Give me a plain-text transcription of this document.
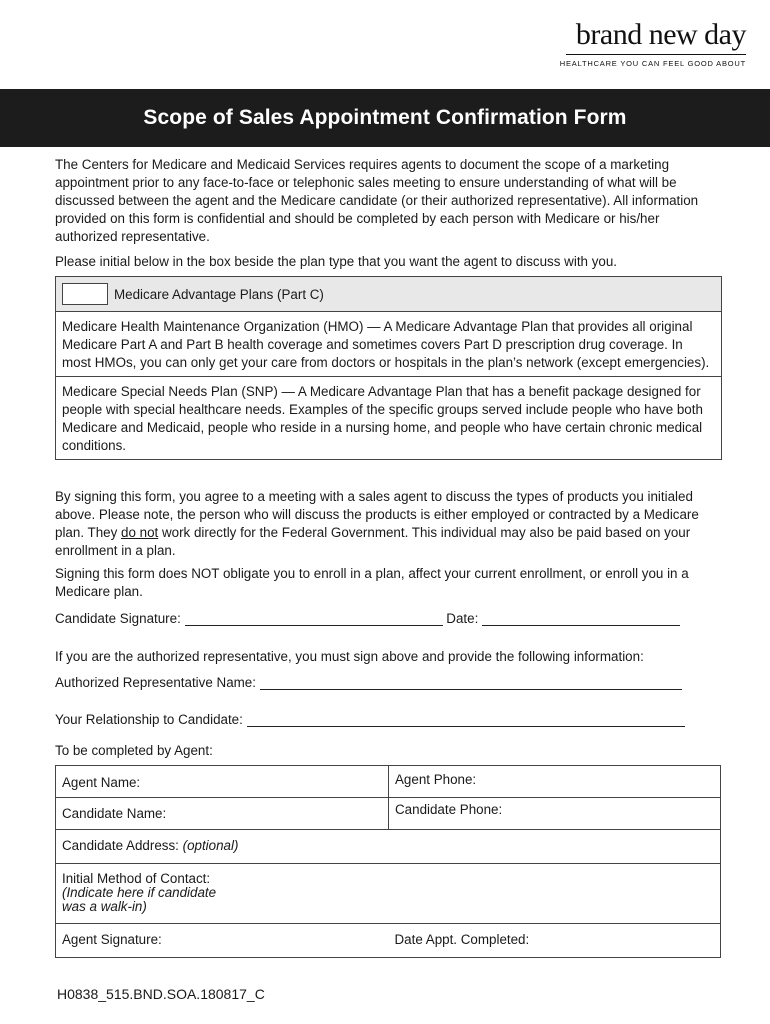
brand new day
HEALTHCARE YOU CAN FEEL GOOD ABOUT
Scope of Sales Appointment Confirmation Form
The Centers for Medicare and Medicaid Services requires agents to document the scope of a marketing appointment prior to any face-to-face or telephonic sales meeting to ensure understanding of what will be discussed between the agent and the Medicare candidate (or their authorized representative). All information provided on this form is confidential and should be completed by each person with Medicare or his/her authorized representative.
Please initial below in the box beside the plan type that you want the agent to discuss with you.
Medicare Advantage Plans (Part C)
Medicare Health Maintenance Organization (HMO) — A Medicare Advantage Plan that provides all original Medicare Part A and Part B health coverage and sometimes covers Part D prescription drug coverage. In most HMOs, you can only get your care from doctors or hospitals in the plan’s network (except emergencies).
Medicare Special Needs Plan (SNP) — A Medicare Advantage Plan that has a benefit package designed for people with special healthcare needs. Examples of the specific groups served include people who have both Medicare and Medicaid, people who reside in a nursing home, and people who have certain chronic medical conditions.
By signing this form, you agree to a meeting with a sales agent to discuss the types of products you initialed above. Please note, the person who will discuss the products is either employed or contracted by a Medicare plan. They do not work directly for the Federal Government. This individual may also be paid based on your enrollment in a plan.
Signing this form does NOT obligate you to enroll in a plan, affect your current enrollment, or enroll you in a Medicare plan.
Candidate Signature:	Date:
If you are the authorized representative, you must sign above and provide the following information:
Authorized Representative Name:
Your Relationship to Candidate:
To be completed by Agent:
Agent Name:	Agent Phone:
Candidate Name:	Candidate Phone:
Candidate Address: (optional)	

Initial Method of Contact:
(Indicate here if candidate
was a walk-in)	

Agent Signature:	Date Appt. Completed:
H0838_515.BND.SOA.180817_C
